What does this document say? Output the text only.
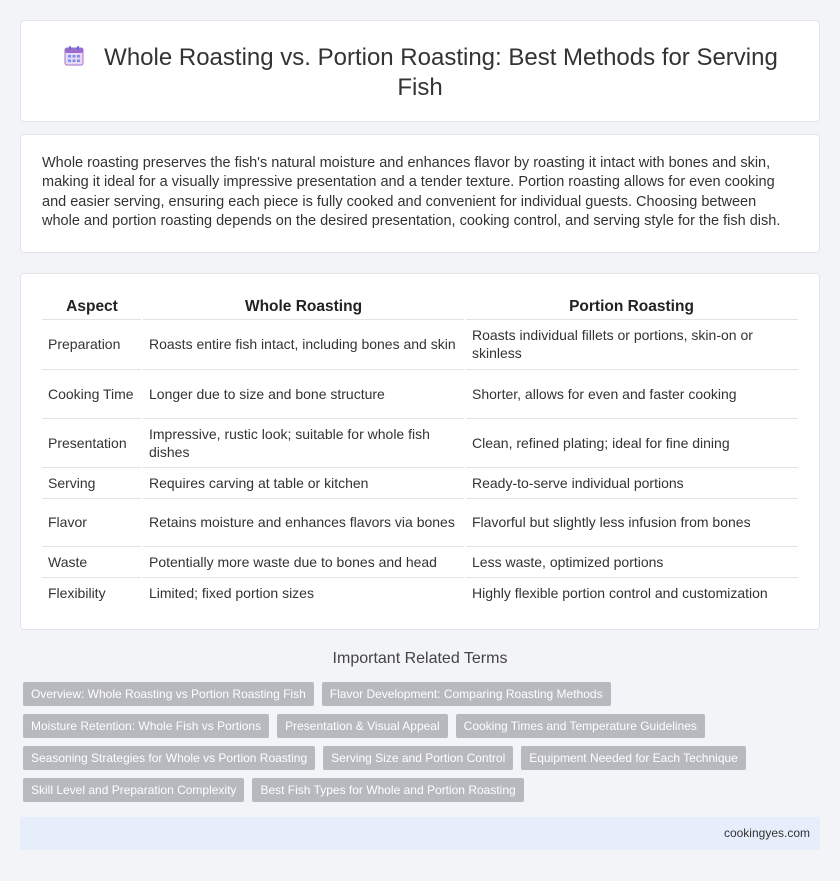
Whole Roasting vs. Portion Roasting: Best Methods for Serving Fish

Whole roasting preserves the fish's natural moisture and enhances flavor by roasting it intact with bones and skin, making it ideal for a visually impressive presentation and a tender texture. Portion roasting allows for even cooking and easier serving, ensuring each piece is fully cooked and convenient for individual guests. Choosing between whole and portion roasting depends on the desired presentation, cooking control, and serving style for the fish dish.

Aspect	Whole Roasting	Portion Roasting
Preparation	Roasts entire fish intact, including bones and skin	Roasts individual fillets or portions, skin-on or skinless
Cooking Time	Longer due to size and bone structure	Shorter, allows for even and faster cooking
Presentation	Impressive, rustic look; suitable for whole fish dishes	Clean, refined plating; ideal for fine dining
Serving	Requires carving at table or kitchen	Ready-to-serve individual portions
Flavor	Retains moisture and enhances flavors via bones	Flavorful but slightly less infusion from bones
Waste	Potentially more waste due to bones and head	Less waste, optimized portions
Flexibility	Limited; fixed portion sizes	Highly flexible portion control and customization
Important Related Terms
Overview: Whole Roasting vs Portion Roasting Fish	Flavor Development: Comparing Roasting Methods
Moisture Retention: Whole Fish vs Portions	Presentation & Visual Appeal	Cooking Times and Temperature Guidelines
Seasoning Strategies for Whole vs Portion Roasting	Serving Size and Portion Control	Equipment Needed for Each Technique
Skill Level and Preparation Complexity	Best Fish Types for Whole and Portion Roasting
cookingyes.com
